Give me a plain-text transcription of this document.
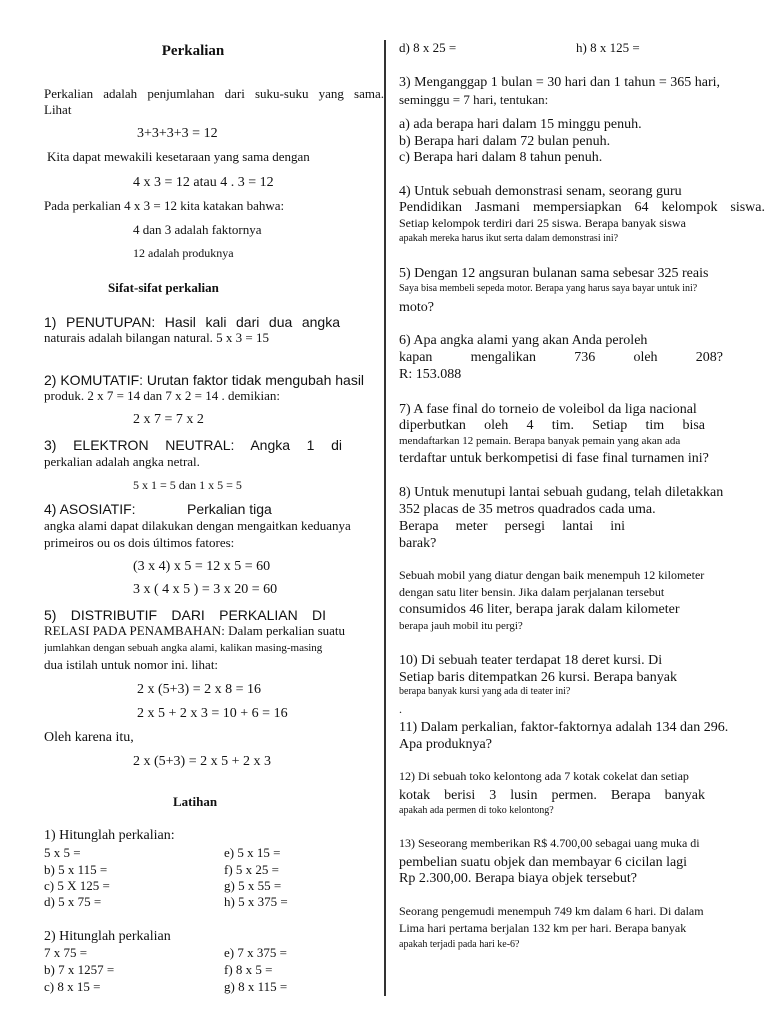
Perkalian
Perkalian adalah penjumlahan dari suku-suku yang sama.
Lihat
3+3+3+3 = 12
Kita dapat mewakili kesetaraan yang sama dengan
4 x 3 = 12 atau 4 . 3 = 12
Pada perkalian 4 x 3 = 12 kita katakan bahwa:
4 dan 3 adalah faktornya
12 adalah produknya
Sifat-sifat perkalian
1) PENUTUPAN: Hasil kali dari dua angka
naturais adalah bilangan natural. 5 x 3 = 15
2) KOMUTATIF: Urutan faktor tidak mengubah hasil
produk. 2 x 7 = 14 dan 7 x 2 = 14 . demikian:
2 x 7 = 7 x 2
3) ELEKTRON NEUTRAL: Angka 1 di
perkalian adalah angka netral.
5 x 1 = 5 dan 1 x 5 = 5
4) ASOSIATIF:	Perkalian tiga
angka alami dapat dilakukan dengan mengaitkan keduanya
primeiros ou os dois últimos fatores:
(3 x 4) x 5 = 12 x 5 = 60
3 x ( 4 x 5 ) = 3 x 20 = 60
5) DISTRIBUTIF DARI PERKALIAN DI
RELASI PADA PENAMBAHAN: Dalam perkalian suatu
jumlahkan dengan sebuah angka alami, kalikan masing-masing
dua istilah untuk nomor ini. lihat:
2 x (5+3) = 2 x 8 = 16
2 x 5 + 2 x 3 = 10 + 6 = 16
Oleh karena itu,
2 x (5+3) = 2 x 5 + 2 x 3
Latihan
1) Hitunglah perkalian:
5 x 5 =	e) 5 x 15 =
b) 5 x 115 =	f) 5 x 25 =
c) 5 X 125 =	g) 5 x 55 =
d) 5 x 75 =	h) 5 x 375 =
2) Hitunglah perkalian
7 x 75 =	e) 7 x 375 =
b) 7 x 1257 =	f) 8 x 5 =
c) 8 x 15 =	g) 8 x 115 =
d) 8 x 25 =	h) 8 x 125 =
3) Menganggap 1 bulan = 30 hari dan 1 tahun = 365 hari,
seminggu = 7 hari, tentukan:
a) ada berapa hari dalam 15 minggu penuh.
b) Berapa hari dalam 72 bulan penuh.
c) Berapa hari dalam 8 tahun penuh.
4) Untuk sebuah demonstrasi senam, seorang guru
Pendidikan Jasmani mempersiapkan 64 kelompok siswa.
Setiap kelompok terdiri dari 25 siswa. Berapa banyak siswa
apakah mereka harus ikut serta dalam demonstrasi ini?
5) Dengan 12 angsuran bulanan sama sebesar 325 reais
Saya bisa membeli sepeda motor. Berapa yang harus saya bayar untuk ini?
moto?
6) Apa angka alami yang akan Anda peroleh
kapan mengalikan 736 oleh 208?
R: 153.088
7) A fase final do torneio de voleibol da liga nacional
diperbutkan oleh 4 tim. Setiap tim bisa
mendaftarkan 12 pemain. Berapa banyak pemain yang akan ada
terdaftar untuk berkompetisi di fase final turnamen ini?
8) Untuk menutupi lantai sebuah gudang, telah diletakkan
352 placas de 35 metros quadrados cada uma.
Berapa meter persegi lantai ini
barak?
Sebuah mobil yang diatur dengan baik menempuh 12 kilometer
dengan satu liter bensin. Jika dalam perjalanan tersebut
consumidos 46 liter, berapa jarak dalam kilometer
berapa jauh mobil itu pergi?
10) Di sebuah teater terdapat 18 deret kursi. Di
Setiap baris ditempatkan 26 kursi. Berapa banyak
berapa banyak kursi yang ada di teater ini?
.
11) Dalam perkalian, faktor-faktornya adalah 134 dan 296.
Apa produknya?
12) Di sebuah toko kelontong ada 7 kotak cokelat dan setiap
kotak berisi 3 lusin permen. Berapa banyak
apakah ada permen di toko kelontong?
13) Seseorang memberikan R$ 4.700,00 sebagai uang muka di
pembelian suatu objek dan membayar 6 cicilan lagi
Rp 2.300,00. Berapa biaya objek tersebut?
Seorang pengemudi menempuh 749 km dalam 6 hari. Di dalam
Lima hari pertama berjalan 132 km per hari. Berapa banyak
apakah terjadi pada hari ke-6?
